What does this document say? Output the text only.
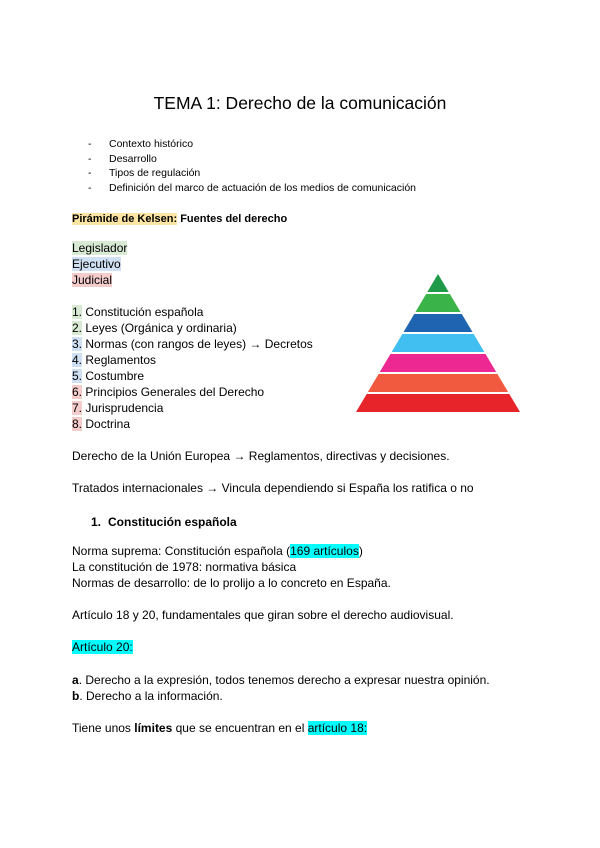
TEMA 1: Derecho de la comunicación
- Contexto histórico
- Desarrollo
- Tipos de regulación
- Definición del marco de actuación de los medios de comunicación

Pirámide de Kelsen: Fuentes del derecho

Legislador

Ejecutivo

Judicial

1. Constitución española
2. Leyes (Orgánica y ordinaria)
3. Normas (con rangos de leyes) → Decretos
4. Reglamentos
5. Costumbre
6. Principios Generales del Derecho
7. Jurisprudencia
8. Doctrina

Derecho de la Unión Europea → Reglamentos, directivas y decisiones.

Tratados internacionales → Vincula dependiendo si España los ratifica o no

1. Constitución española

Norma suprema: Constitución española (169 artículos)

La constitución de 1978: normativa básica

Normas de desarrollo: de lo prolijo a lo concreto en España.

Artículo 18 y 20, fundamentales que giran sobre el derecho audiovisual.

Artículo 20:

a. Derecho a la expresión, todos tenemos derecho a expresar nuestra opinión.

b. Derecho a la información.

Tiene unos límites que se encuentran en el artículo 18:
